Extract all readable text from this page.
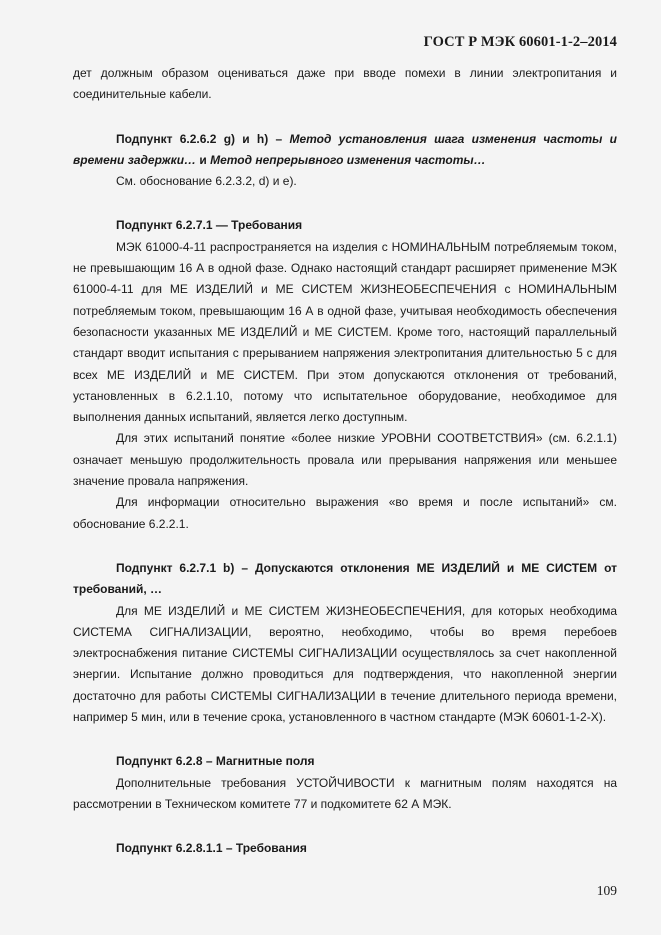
ГОСТ Р МЭК 60601-1-2–2014

дет должным образом оцениваться даже при вводе помехи в линии электропитания и соединительные кабели.

Подпункт 6.2.6.2 g) и h) – Метод установления шага изменения частоты и времени задержки… и Метод непрерывного изменения частоты…

См. обоснование 6.2.3.2, d) и e).

Подпункт 6.2.7.1 — Требования

МЭК 61000-4-11 распространяется на изделия с НОМИНАЛЬНЫМ потребляемым током, не превышающим 16 А в одной фазе. Однако настоящий стандарт расширяет применение МЭК 61000-4-11 для МЕ ИЗДЕЛИЙ и МЕ СИСТЕМ ЖИЗНЕОБЕСПЕЧЕНИЯ с НОМИНАЛЬНЫМ потребляемым током, превышающим 16 А в одной фазе, учитывая необходимость обеспечения безопасности указанных МЕ ИЗДЕЛИЙ и МЕ СИСТЕМ. Кроме того, настоящий параллельный стандарт вводит испытания с прерыванием напряжения электропитания длительностью 5 с для всех МЕ ИЗДЕЛИЙ и МЕ СИСТЕМ. При этом допускаются отклонения от требований, установленных в 6.2.1.10, потому что испытательное оборудование, необходимое для выполнения данных испытаний, является легко доступным.

Для этих испытаний понятие «более низкие УРОВНИ СООТВЕТСТВИЯ» (см. 6.2.1.1) означает меньшую продолжительность провала или прерывания напряжения или меньшее значение провала напряжения.

Для информации относительно выражения «во время и после испытаний» см. обоснование 6.2.2.1.

Подпункт 6.2.7.1 b) – Допускаются отклонения МЕ ИЗДЕЛИЙ и МЕ СИСТЕМ от требований, …

Для МЕ ИЗДЕЛИЙ и МЕ СИСТЕМ ЖИЗНЕОБЕСПЕЧЕНИЯ, для которых необходима СИСТЕМА СИГНАЛИЗАЦИИ, вероятно, необходимо, чтобы во время перебоев электроснабжения питание СИСТЕМЫ СИГНАЛИЗАЦИИ осуществлялось за счет накопленной энергии. Испытание должно проводиться для подтверждения, что накопленной энергии достаточно для работы СИСТЕМЫ СИГНАЛИЗАЦИИ в течение длительного периода времени, например 5 мин, или в течение срока, установленного в частном стандарте (МЭК 60601-1-2-Х).

Подпункт 6.2.8 – Магнитные поля

Дополнительные требования УСТОЙЧИВОСТИ к магнитным полям находятся на рассмотрении в Техническом комитете 77 и подкомитете 62 А МЭК.

Подпункт 6.2.8.1.1 – Требования

109
